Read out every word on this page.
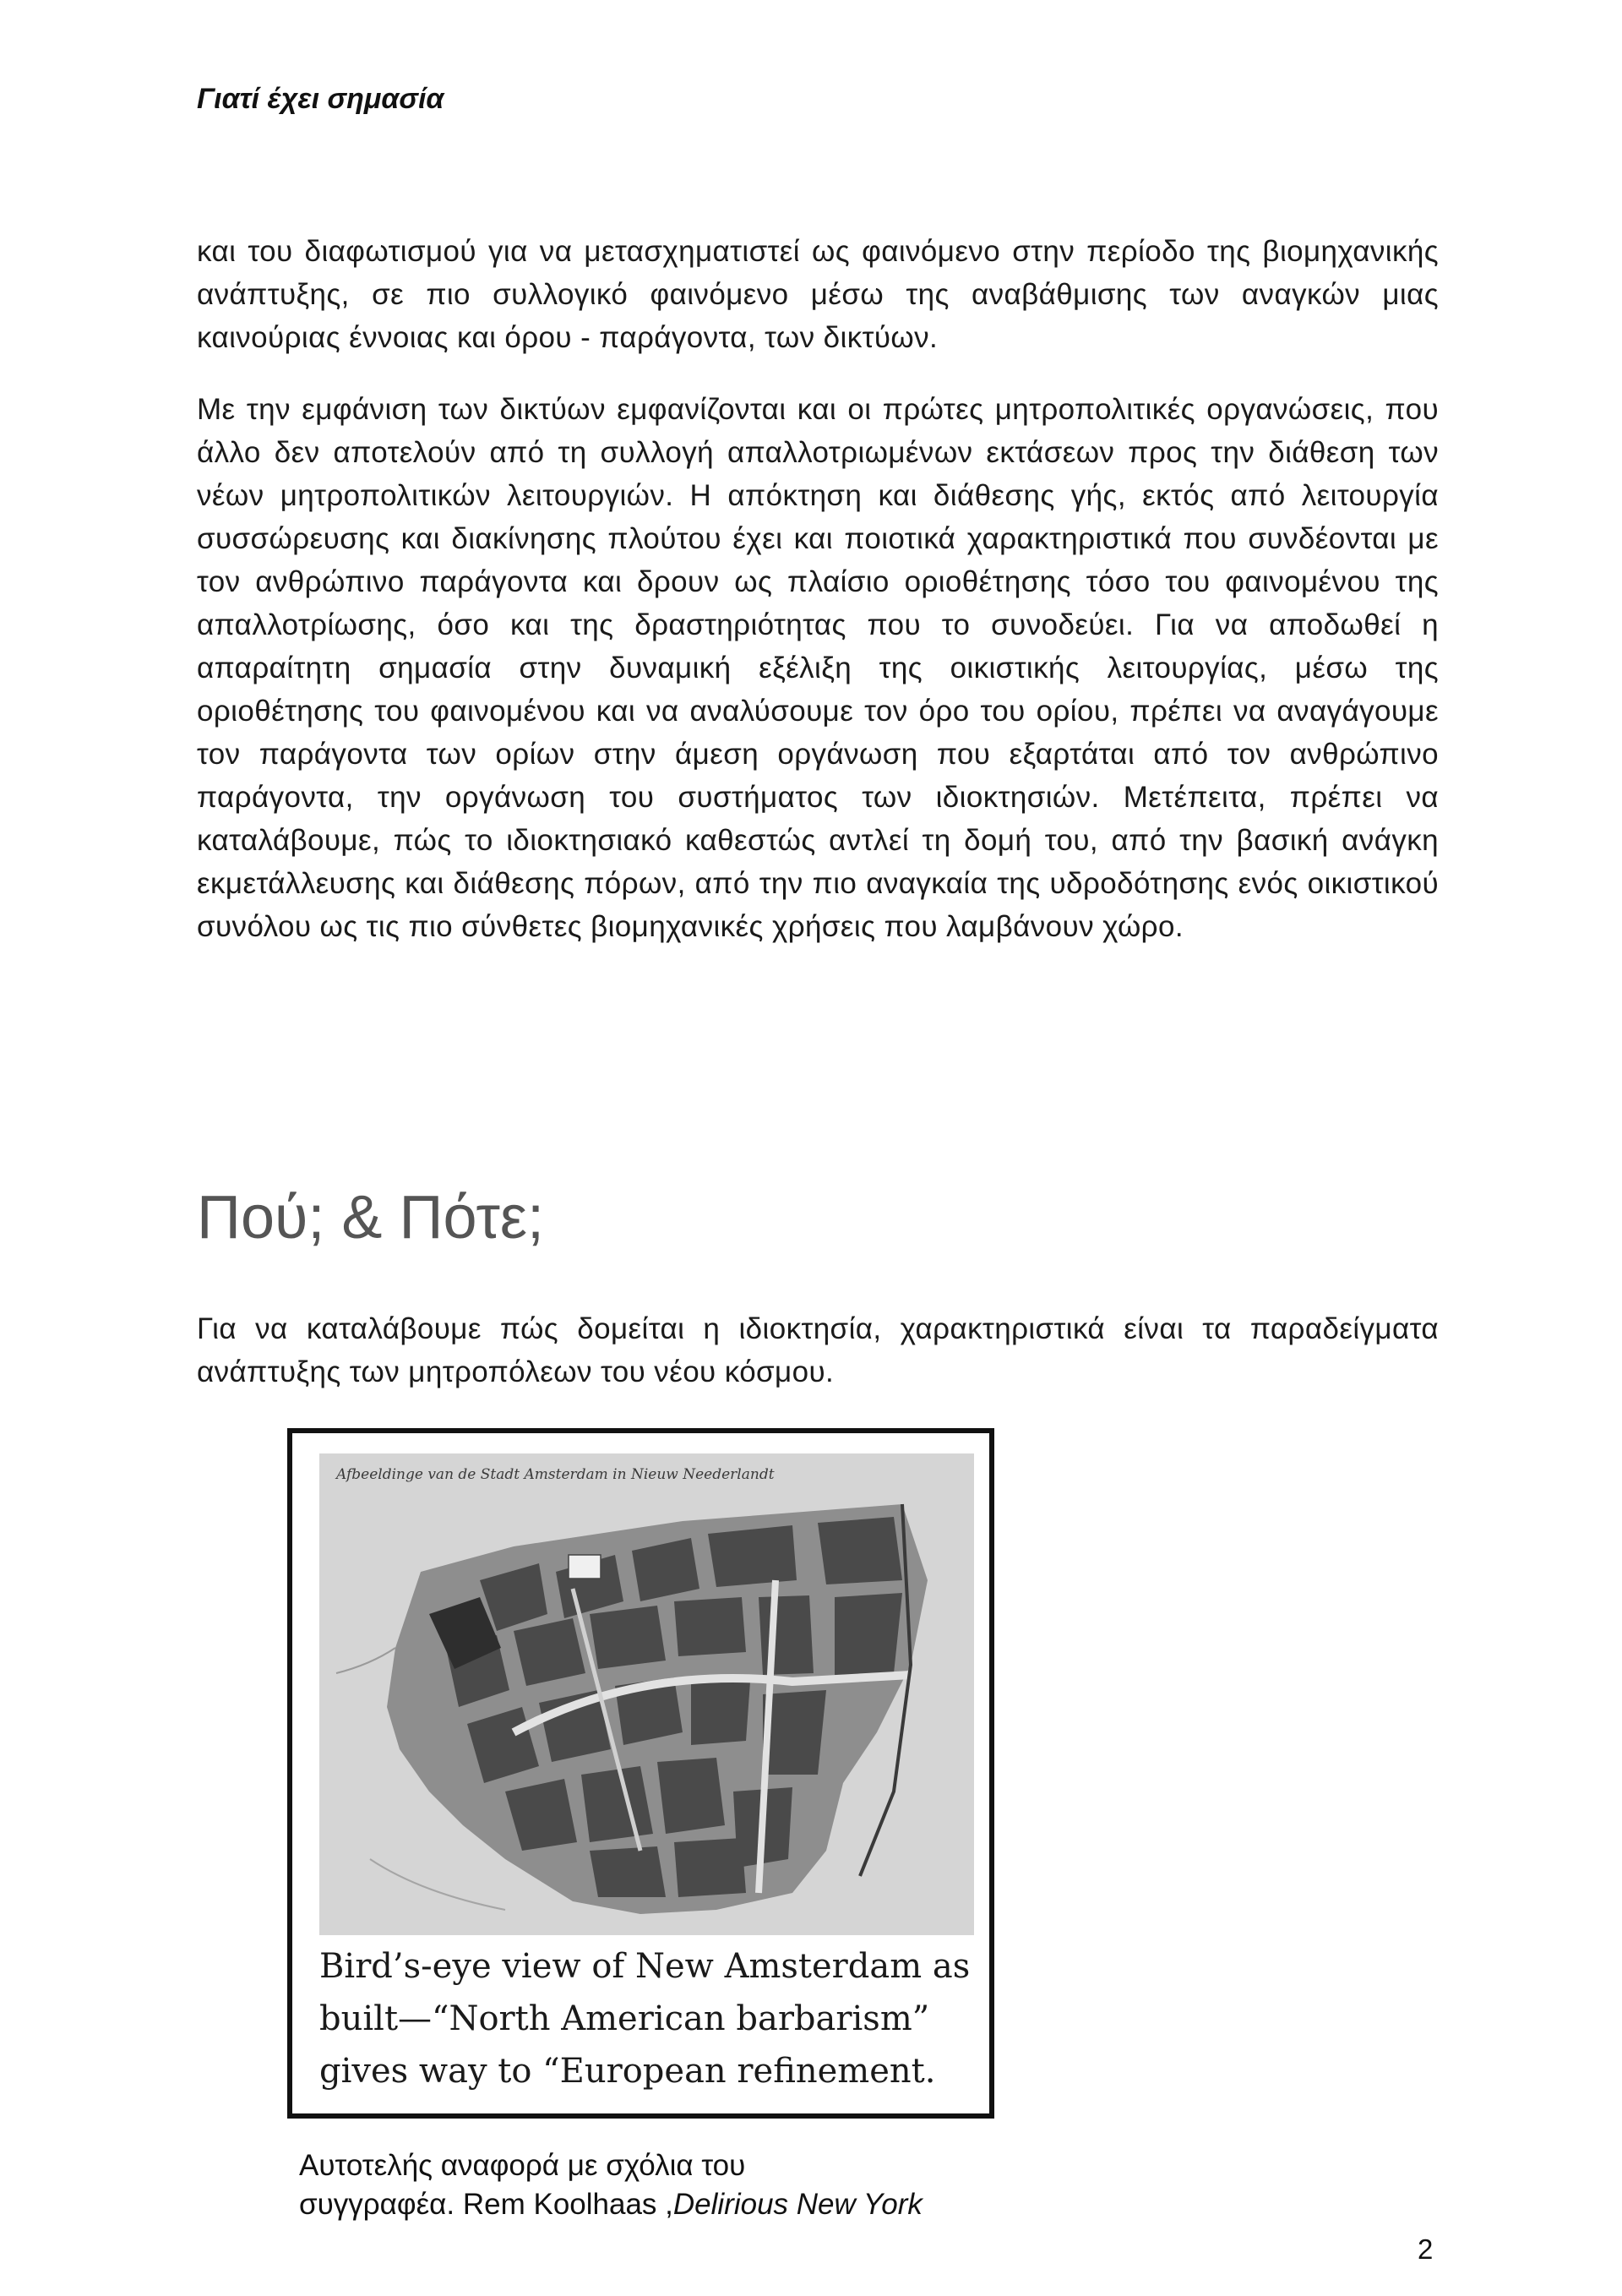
Γιατί έχει σημασία

και του διαφωτισμού για να μετασχηματιστεί ως φαινόμενο στην περίοδο της βιομηχανικής ανάπτυξης, σε πιο συλλογικό φαινόμενο μέσω της αναβάθμισης των αναγκών μιας καινούριας έννοιας και όρου - παράγοντα, των δικτύων.

Με την εμφάνιση των δικτύων εμφανίζονται και οι πρώτες μητροπολιτικές οργανώσεις, που άλλο δεν αποτελούν από τη συλλογή απαλλοτριωμένων εκτάσεων προς την διάθεση των νέων μητροπολιτικών λειτουργιών. Η απόκτηση και διάθεσης γής, εκτός από λειτουργία συσσώρευσης και διακίνησης πλούτου έχει και ποιοτικά χαρακτηριστικά που συνδέονται με τον ανθρώπινο παράγοντα και δρουν ως πλαίσιο οριοθέτησης τόσο του φαινομένου της απαλλοτρίωσης, όσο και της δραστηριότητας που το συνοδεύει. Για να αποδωθεί η απαραίτητη σημασία στην δυναμική εξέλιξη της οικιστικής λειτουργίας, μέσω της οριοθέτησης του φαινομένου και να αναλύσουμε τον όρο του ορίου, πρέπει να αναγάγουμε τον παράγοντα των ορίων στην άμεση οργάνωση που εξαρτάται από τον ανθρώπινο παράγοντα, την οργάνωση του συστήματος των ιδιοκτησιών. Μετέπειτα, πρέπει να καταλάβουμε, πώς το ιδιοκτησιακό καθεστώς αντλεί τη δομή του, από την βασική ανάγκη εκμετάλλευσης και διάθεσης πόρων, από την πιο αναγκαία της υδροδότησης ενός οικιστικού συνόλου ως τις πιο σύνθετες βιομηχανικές χρήσεις που λαμβάνουν χώρο.

Πού; & Πότε;

Για να καταλάβουμε πώς δομείται η ιδιοκτησία, χαρακτηριστικά είναι τα παραδείγματα ανάπτυξης των μητροπόλεων του νέου κόσμου.

Afbeeldinge van de Stadt Amsterdam in Nieuw Neederlandt
Bird’s-eye view of New Amsterdam as
built—“North American barbarism”
gives way to “European refinement.
Αυτοτελής αναφορά με σχόλια του
συγγραφέα. Rem Koolhaas ,Delirious New York
2
